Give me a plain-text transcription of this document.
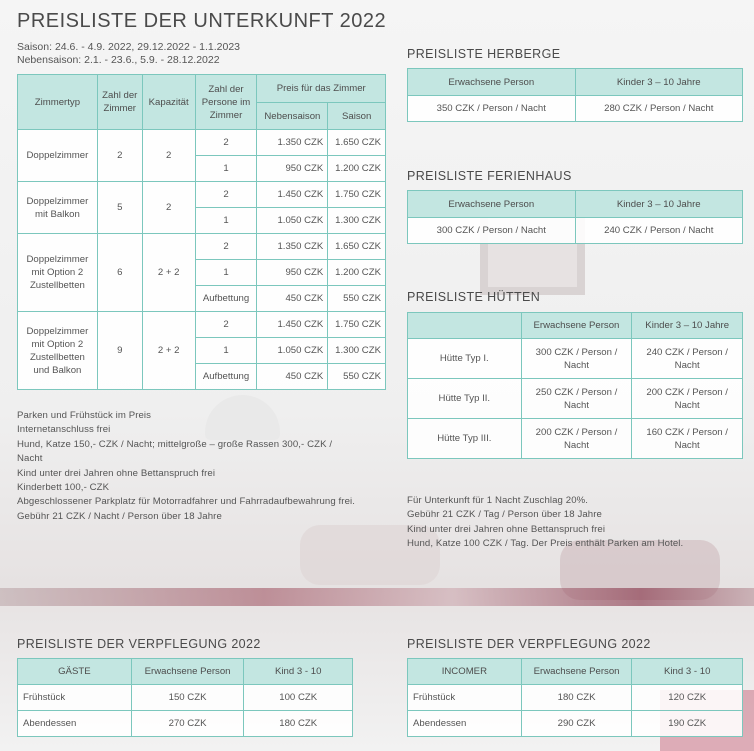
PREISLISTE DER UNTERKUNFT 2022
Saison: 24.6. - 4.9. 2022, 29.12.2022 - 1.1.2023
Nebensaison: 2.1. - 23.6., 5.9. - 28.12.2022
Zimmertyp	Zahl der Zimmer	Kapazität	Zahl der Persone im Zimmer	Preis für das Zimmer	
				Nebensaison	Saison
Doppelzimmer	2	2	2	1.350 CZK	1.650 CZK
			1	950 CZK	1.200 CZK
Doppelzimmer mit Balkon	5	2	2	1.450 CZK	1.750 CZK
			1	1.050 CZK	1.300 CZK
Doppelzimmer mit Option 2 Zustellbetten	6	2 + 2	2	1.350 CZK	1.650 CZK
			1	950 CZK	1.200 CZK
			Aufbettung	450 CZK	550 CZK
Doppelzimmer mit Option 2 Zustellbetten und Balkon	9	2 + 2	2	1.450 CZK	1.750 CZK
			1	1.050 CZK	1.300 CZK
			Aufbettung	450 CZK	550 CZK
Parken und Frühstück im Preis
Internetanschluss frei
Hund, Katze 150,- CZK / Nacht; mittelgroße – große Rassen 300,- CZK / Nacht
Kind unter drei Jahren ohne Bettanspruch frei
Kinderbett 100,- CZK
Abgeschlossener Parkplatz für Motorradfahrer und Fahrradaufbewahrung frei.
Gebühr 21 CZK / Nacht / Person über 18 Jahre
PREISLISTE HERBERGE
Erwachsene Person	Kinder 3 – 10 Jahre
350 CZK / Person / Nacht	280 CZK / Person / Nacht
PREISLISTE FERIENHAUS
Erwachsene Person	Kinder 3 – 10 Jahre
300 CZK / Person / Nacht	240 CZK / Person / Nacht
PREISLISTE HÜTTEN
	Erwachsene Person	Kinder 3 – 10 Jahre
Hütte Typ I.	300 CZK / Person / Nacht	240 CZK / Person / Nacht
Hütte Typ II.	250 CZK / Person / Nacht	200 CZK / Person / Nacht
Hütte Typ III.	200 CZK / Person / Nacht	160 CZK / Person / Nacht
Für Unterkunft für 1 Nacht Zuschlag 20%.
Gebühr 21 CZK / Tag / Person über 18 Jahre
Kind unter drei Jahren ohne Bettanspruch frei
Hund, Katze 100 CZK / Tag. Der Preis enthält Parken am Hotel.
PREISLISTE DER VERPFLEGUNG 2022
GÄSTE	Erwachsene Person	Kind 3 - 10
Frühstück	150 CZK	100 CZK
Abendessen	270 CZK	180 CZK
PREISLISTE DER VERPFLEGUNG 2022
INCOMER	Erwachsene Person	Kind 3 - 10
Frühstück	180 CZK	120 CZK
Abendessen	290 CZK	190 CZK
